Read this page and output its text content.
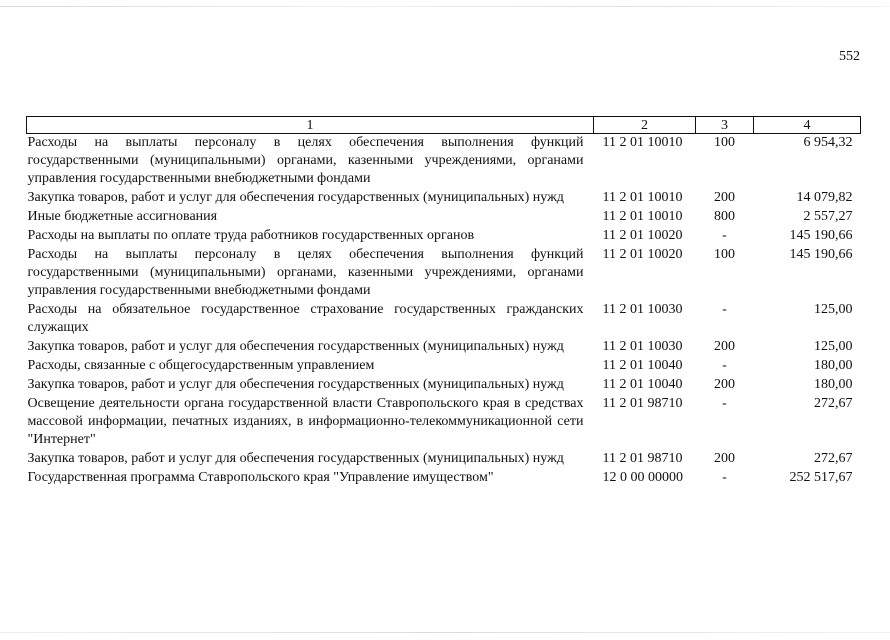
552
1	2	3	4
Расходы на выплаты персоналу в целях обеспечения выполнения функций государственными (муниципальными) органами, казенными учреждениями, органами управления государственными внебюджетными фондами	11 2 01 10010	100	6 954,32
Закупка товаров, работ и услуг для обеспечения государственных (муниципальных) нужд	11 2 01 10010	200	14 079,82
Иные бюджетные ассигнования	11 2 01 10010	800	2 557,27
Расходы на выплаты по оплате труда работников государственных органов	11 2 01 10020	-	145 190,66
Расходы на выплаты персоналу в целях обеспечения выполнения функций государственными (муниципальными) органами, казенными учреждениями, органами управления государственными внебюджетными фондами	11 2 01 10020	100	145 190,66
Расходы на обязательное государственное страхование государственных гражданских служащих	11 2 01 10030	-	125,00
Закупка товаров, работ и услуг для обеспечения государственных (муниципальных) нужд	11 2 01 10030	200	125,00
Расходы, связанные с общегосударственным управлением	11 2 01 10040	-	180,00
Закупка товаров, работ и услуг для обеспечения государственных (муниципальных) нужд	11 2 01 10040	200	180,00
Освещение деятельности органа государственной власти Ставропольского края в средствах массовой информации, печатных изданиях, в информационно-телекоммуникационной сети "Интернет"	11 2 01 98710	-	272,67
Закупка товаров, работ и услуг для обеспечения государственных (муниципальных) нужд	11 2 01 98710	200	272,67
Государственная программа Ставропольского края "Управление имуществом"	12 0 00 00000	-	252 517,67
